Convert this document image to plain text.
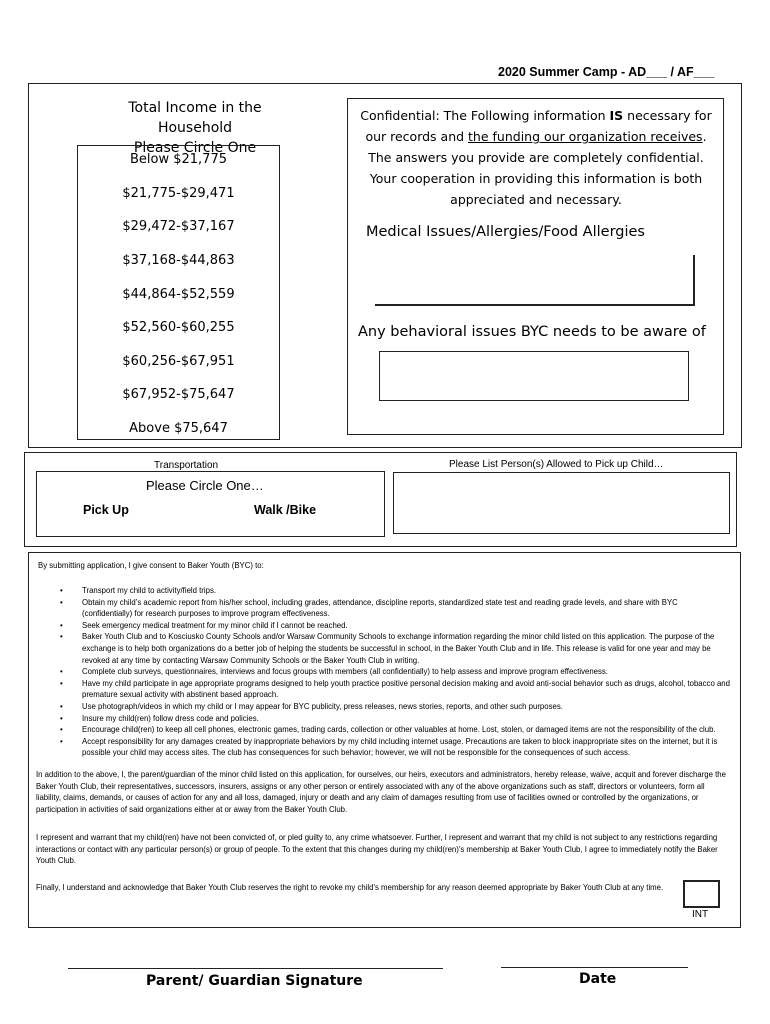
2020 Summer Camp - AD___ / AF___
Total Income in the Household
Please Circle One
Below $21,775
$21,775-$29,471
$29,472-$37,167
$37,168-$44,863
$44,864-$52,559
$52,560-$60,255
$60,256-$67,951
$67,952-$75,647
Above $75,647
Confidential: The Following information IS necessary for our records and the funding our organization receives. The answers you provide are completely confidential. Your cooperation in providing this information is both appreciated and necessary.
Medical Issues/Allergies/Food Allergies
Any behavioral issues BYC needs to be aware of
Transportation
Please Circle One…
Pick Up	Walk /Bike
Please List Person(s) Allowed to Pick up Child…
By submitting application, I give consent to Baker Youth (BYC) to:
• Transport my child to activity/field trips.
• Obtain my child’s academic report from his/her school, including grades, attendance, discipline reports, standardized state test and reading grade levels, and share with BYC (confidentially) for research purposes to improve program effectiveness.
• Seek emergency medical treatment for my minor child if I cannot be reached.
• Baker Youth Club and to Kosciusko County Schools and/or Warsaw Community Schools to exchange information regarding the minor child listed on this application. The purpose of the exchange is to help both organizations do a better job of helping the students be successful in school, in the Baker Youth Club and in life. This release is valid for one year and may be revoked at any time by contacting Warsaw Community Schools or the Baker Youth Club in writing.
• Complete club surveys, questionnaires, interviews and focus groups with members (all confidentially) to help assess and improve program effectiveness.
• Have my child participate in age appropriate programs designed to help youth practice positive personal decision making and avoid anti-social behavior such as drugs, alcohol, tobacco and premature sexual activity with abstinent based approach.
• Use photograph/videos in which my child or I may appear for BYC publicity, press releases, news stories, reports, and other such purposes.
• Insure my child(ren) follow dress code and policies.
• Encourage child(ren) to keep all cell phones, electronic games, trading cards, collection or other valuables at home. Lost, stolen, or damaged items are not the responsibility of the club.
• Accept responsibility for any damages created by inappropriate behaviors by my child including internet usage. Precautions are taken to block inappropriate sites on the internet, but it is possible your child may access sites. The club has consequences for such behavior; however, we will not be responsible for the consequences of such access.
In addition to the above, I, the parent/guardian of the minor child listed on this application, for ourselves, our heirs, executors and administrators, hereby release, waive, acquit and forever discharge the Baker Youth Club, their representatives, successors, insurers, assigns or any other person or entirely associated with any of the above organizations such as staff, directors or volunteers, form all liability, claims, demands, or causes of action for any and all loss, damaged, injury or death and any claim of damages resulting from use of facilities owned or controlled by the organizations, or participation in activities of said organizations either at or away from the Baker Youth Club.
I represent and warrant that my child(ren) have not been convicted of, or pled guilty to, any crime whatsoever. Further, I represent and warrant that my child is not subject to any restrictions regarding interactions or contact with any particular person(s) or group of people. To the extent that this changes during my child(ren)'s membership at Baker Youth Club, I agree to immediately notify the Baker Youth Club.
Finally, I understand and acknowledge that Baker Youth Club reserves the right to revoke my child's membership for any reason deemed appropriate by Baker Youth Club at any time.
INT
Parent/ Guardian Signature	Date
